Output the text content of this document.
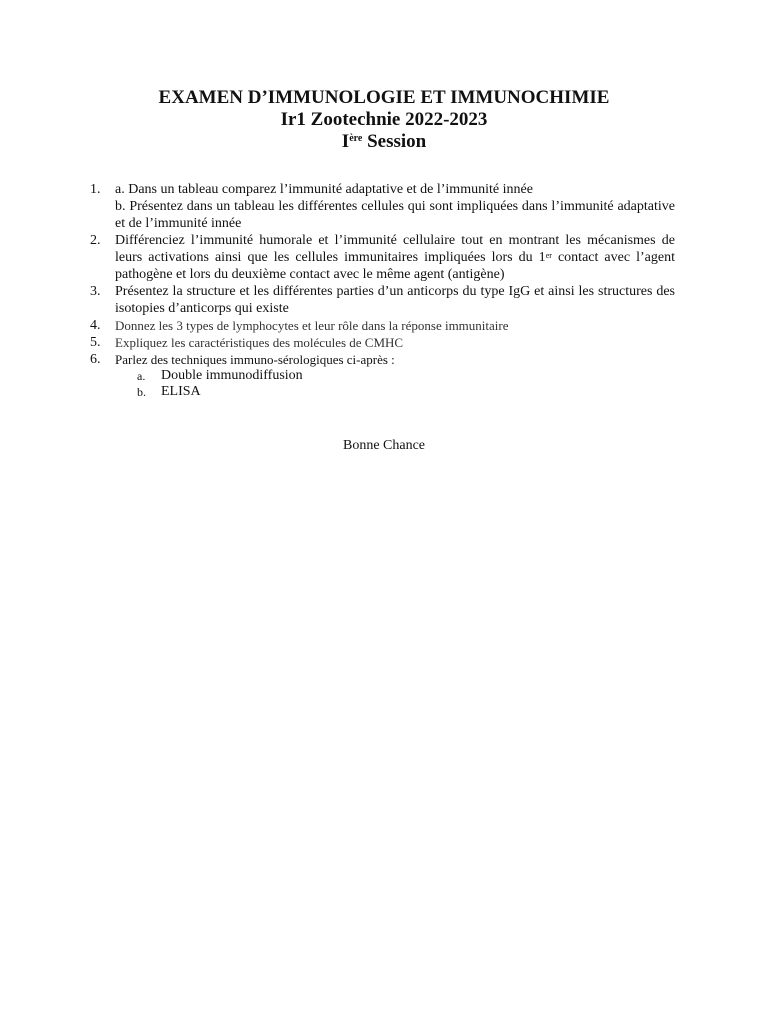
EXAMEN D’IMMUNOLOGIE ET IMMUNOCHIMIE
Ir1 Zootechnie 2022-2023
Ière Session
1. a. Dans un tableau comparez l’immunité adaptative et de l’immunité innée
b. Présentez dans un tableau les différentes cellules qui sont impliquées dans l’immunité adaptative et de l’immunité innée
2. Différenciez l’immunité humorale et l’immunité cellulaire tout en montrant les mécanismes de leurs activations ainsi que les cellules immunitaires impliquées lors du 1er contact avec l’agent pathogène et lors du deuxième contact avec le même agent (antigène)
3. Présentez la structure et les différentes parties d’un anticorps du type IgG et ainsi les structures des isotopies d’anticorps qui existe
4. Donnez les 3 types de lymphocytes et leur rôle dans la réponse immunitaire
5. Expliquez les caractéristiques des molécules de CMHC
6. Parlez des techniques immuno-sérologiques ci-après :
a. Double immunodiffusion
b. ELISA
Bonne Chance
